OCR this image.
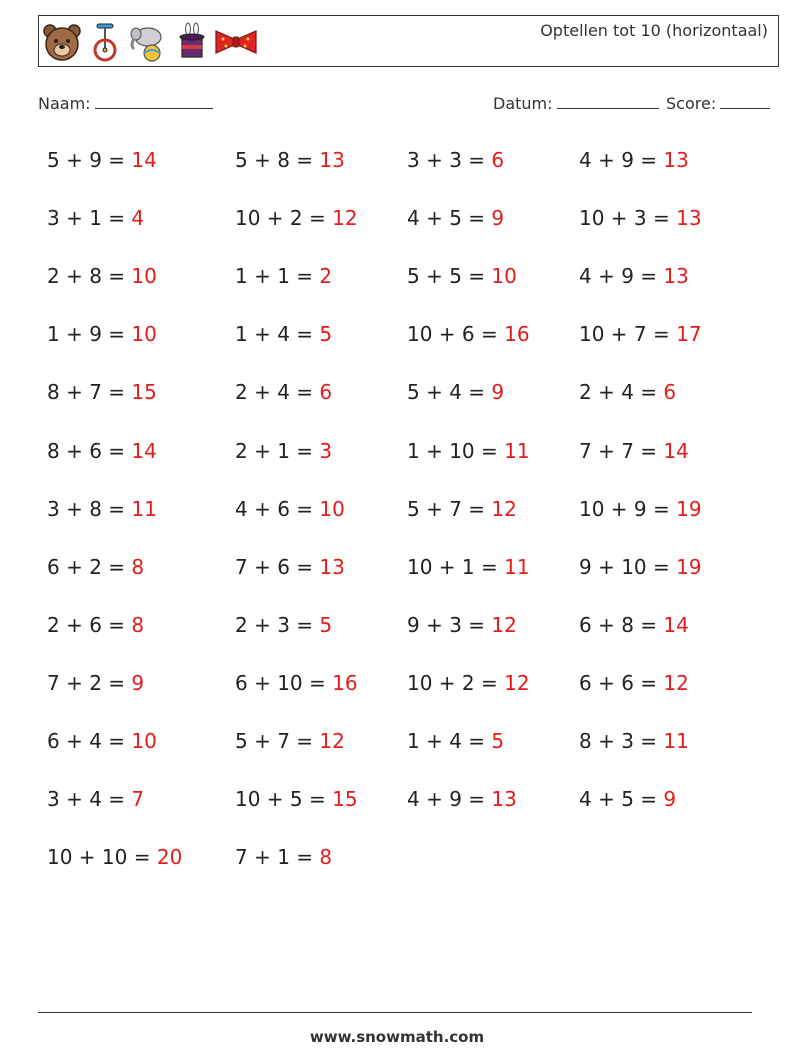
Optellen tot 10 (horizontaal)
Naam:	Datum:	Score:
5 + 9 = 14
3 + 1 = 4
2 + 8 = 10
1 + 9 = 10
8 + 7 = 15
8 + 6 = 14
3 + 8 = 11
6 + 2 = 8
2 + 6 = 8
7 + 2 = 9
6 + 4 = 10
3 + 4 = 7
10 + 10 = 20
5 + 8 = 13
10 + 2 = 12
1 + 1 = 2
1 + 4 = 5
2 + 4 = 6
2 + 1 = 3
4 + 6 = 10
7 + 6 = 13
2 + 3 = 5
6 + 10 = 16
5 + 7 = 12
10 + 5 = 15
7 + 1 = 8
3 + 3 = 6
4 + 5 = 9
5 + 5 = 10
10 + 6 = 16
5 + 4 = 9
1 + 10 = 11
5 + 7 = 12
10 + 1 = 11
9 + 3 = 12
10 + 2 = 12
1 + 4 = 5
4 + 9 = 13
4 + 9 = 13
10 + 3 = 13
4 + 9 = 13
10 + 7 = 17
2 + 4 = 6
7 + 7 = 14
10 + 9 = 19
9 + 10 = 19
6 + 8 = 14
6 + 6 = 12
8 + 3 = 11
4 + 5 = 9
www.snowmath.com
